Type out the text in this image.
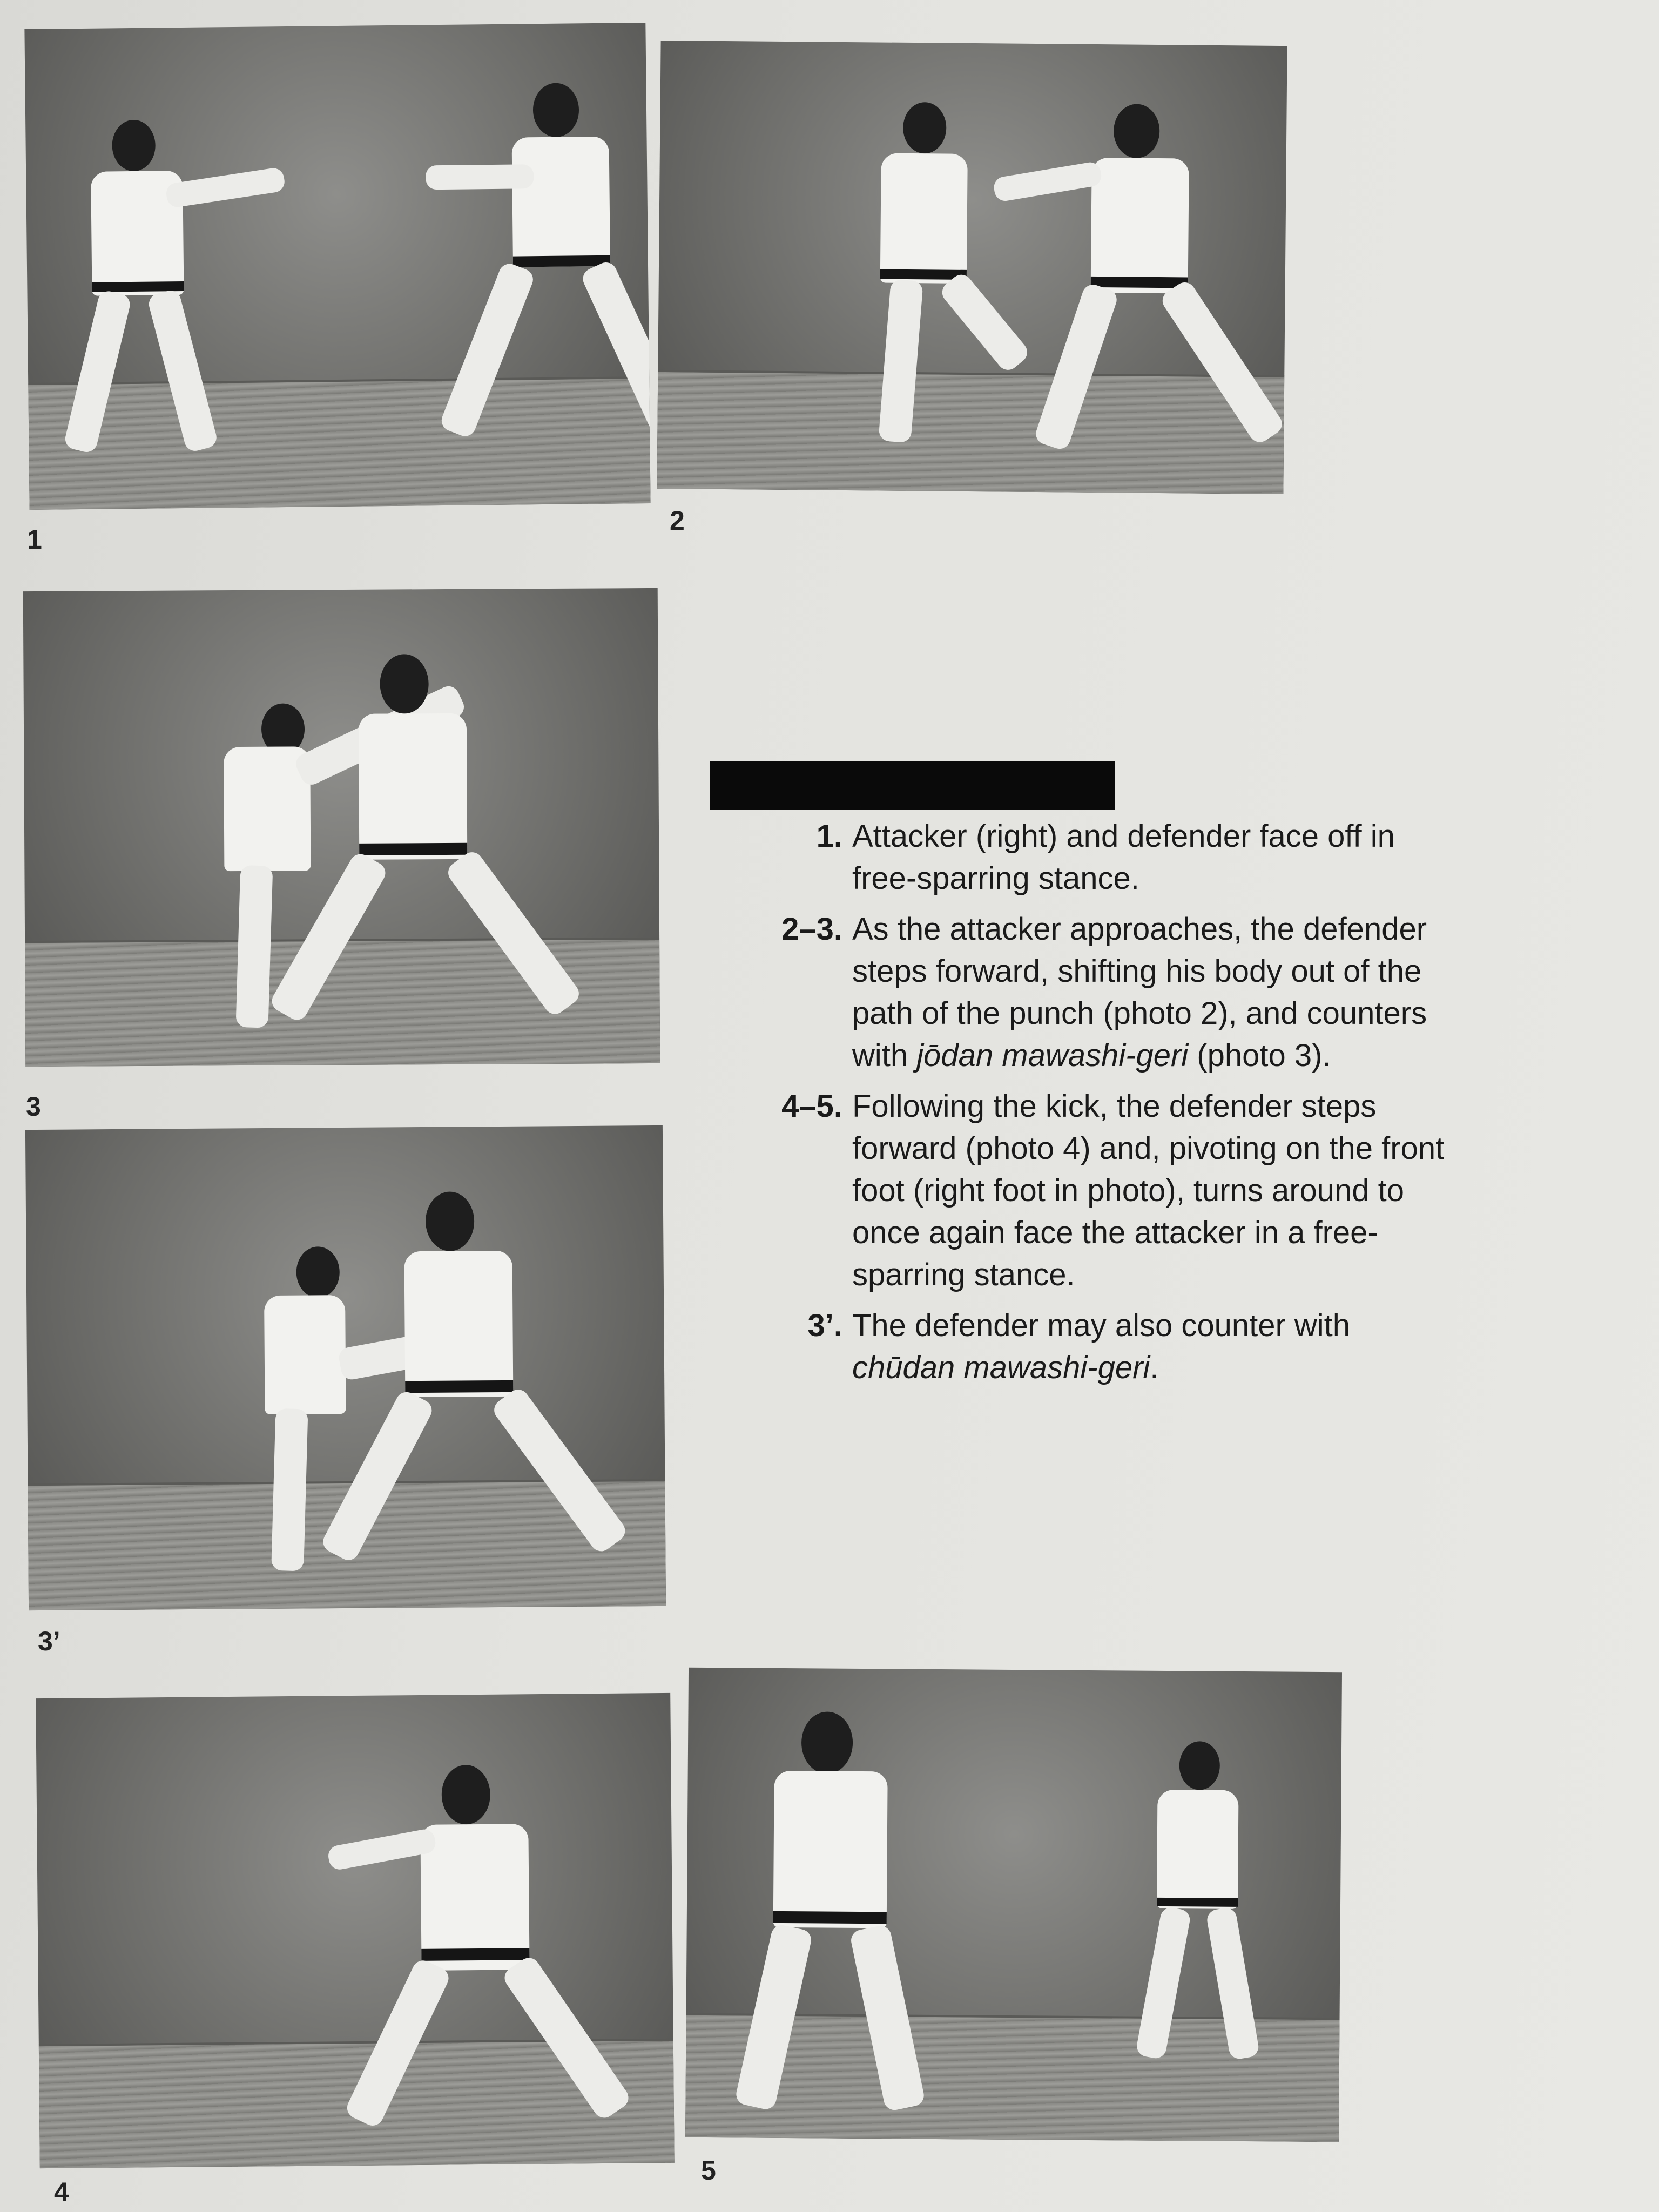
1
2
3
3’
4
5
1. Attacker (right) and defender face off in free-sparring stance.
2–3. As the attacker approaches, the defender steps forward, shifting his body out of the path of the punch (photo 2), and counters with jōdan mawashi-geri (photo 3).
4–5. Following the kick, the defender steps forward (photo 4) and, pivoting on the front foot (right foot in photo), turns around to once again face the attacker in a free-sparring stance.
3’. The defender may also counter with chūdan mawashi-geri.
